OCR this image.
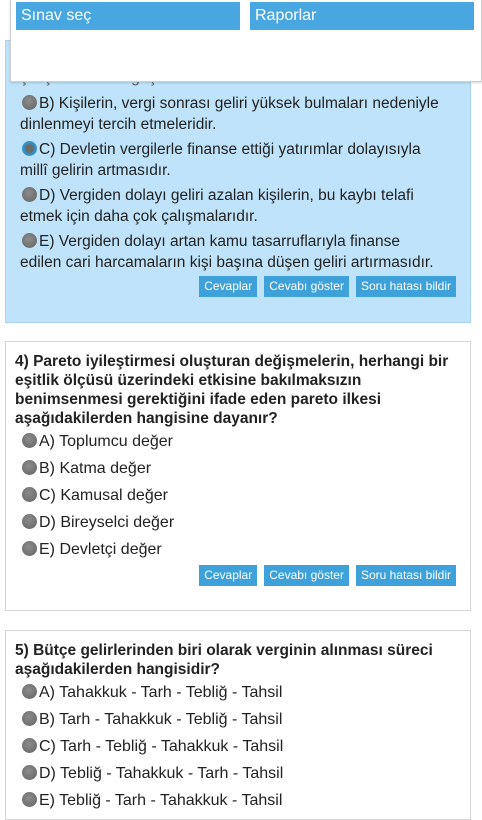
B) Kişilerin, vergi sonrası geliri yüksek bulmaları nedeniyle
dinlenmeyi tercih etmeleridir.
C) Devletin vergilerle finanse ettiği yatırımlar dolayısıyla
millî gelirin artmasıdır.
D) Vergiden dolayı geliri azalan kişilerin, bu kaybı telafi
etmek için daha çok çalışmalarıdır.
E) Vergiden dolayı artan kamu tasarruflarıyla finanse
edilen cari harcamaların kişi başına düşen geliri artırmasıdır.
Cevaplar	Cevabı göster	Soru hatası bildir
Sınav seç	Raporlar
4) Pareto iyileştirmesi oluşturan değişmelerin, herhangi bir eşitlik ölçüsü üzerindeki etkisine bakılmaksızın benimsenmesi gerektiğini ifade eden pareto ilkesi aşağıdakilerden hangisine dayanır?
A) Toplumcu değer
B) Katma değer
C) Kamusal değer
D) Bireyselci değer
E) Devletçi değer
Cevaplar	Cevabı göster	Soru hatası bildir
5) Bütçe gelirlerinden biri olarak verginin alınması süreci aşağıdakilerden hangisidir?
A) Tahakkuk - Tarh - Tebliğ - Tahsil
B) Tarh - Tahakkuk - Tebliğ - Tahsil
C) Tarh - Tebliğ - Tahakkuk - Tahsil
D) Tebliğ - Tahakkuk - Tarh - Tahsil
E) Tebliğ - Tarh - Tahakkuk - Tahsil
